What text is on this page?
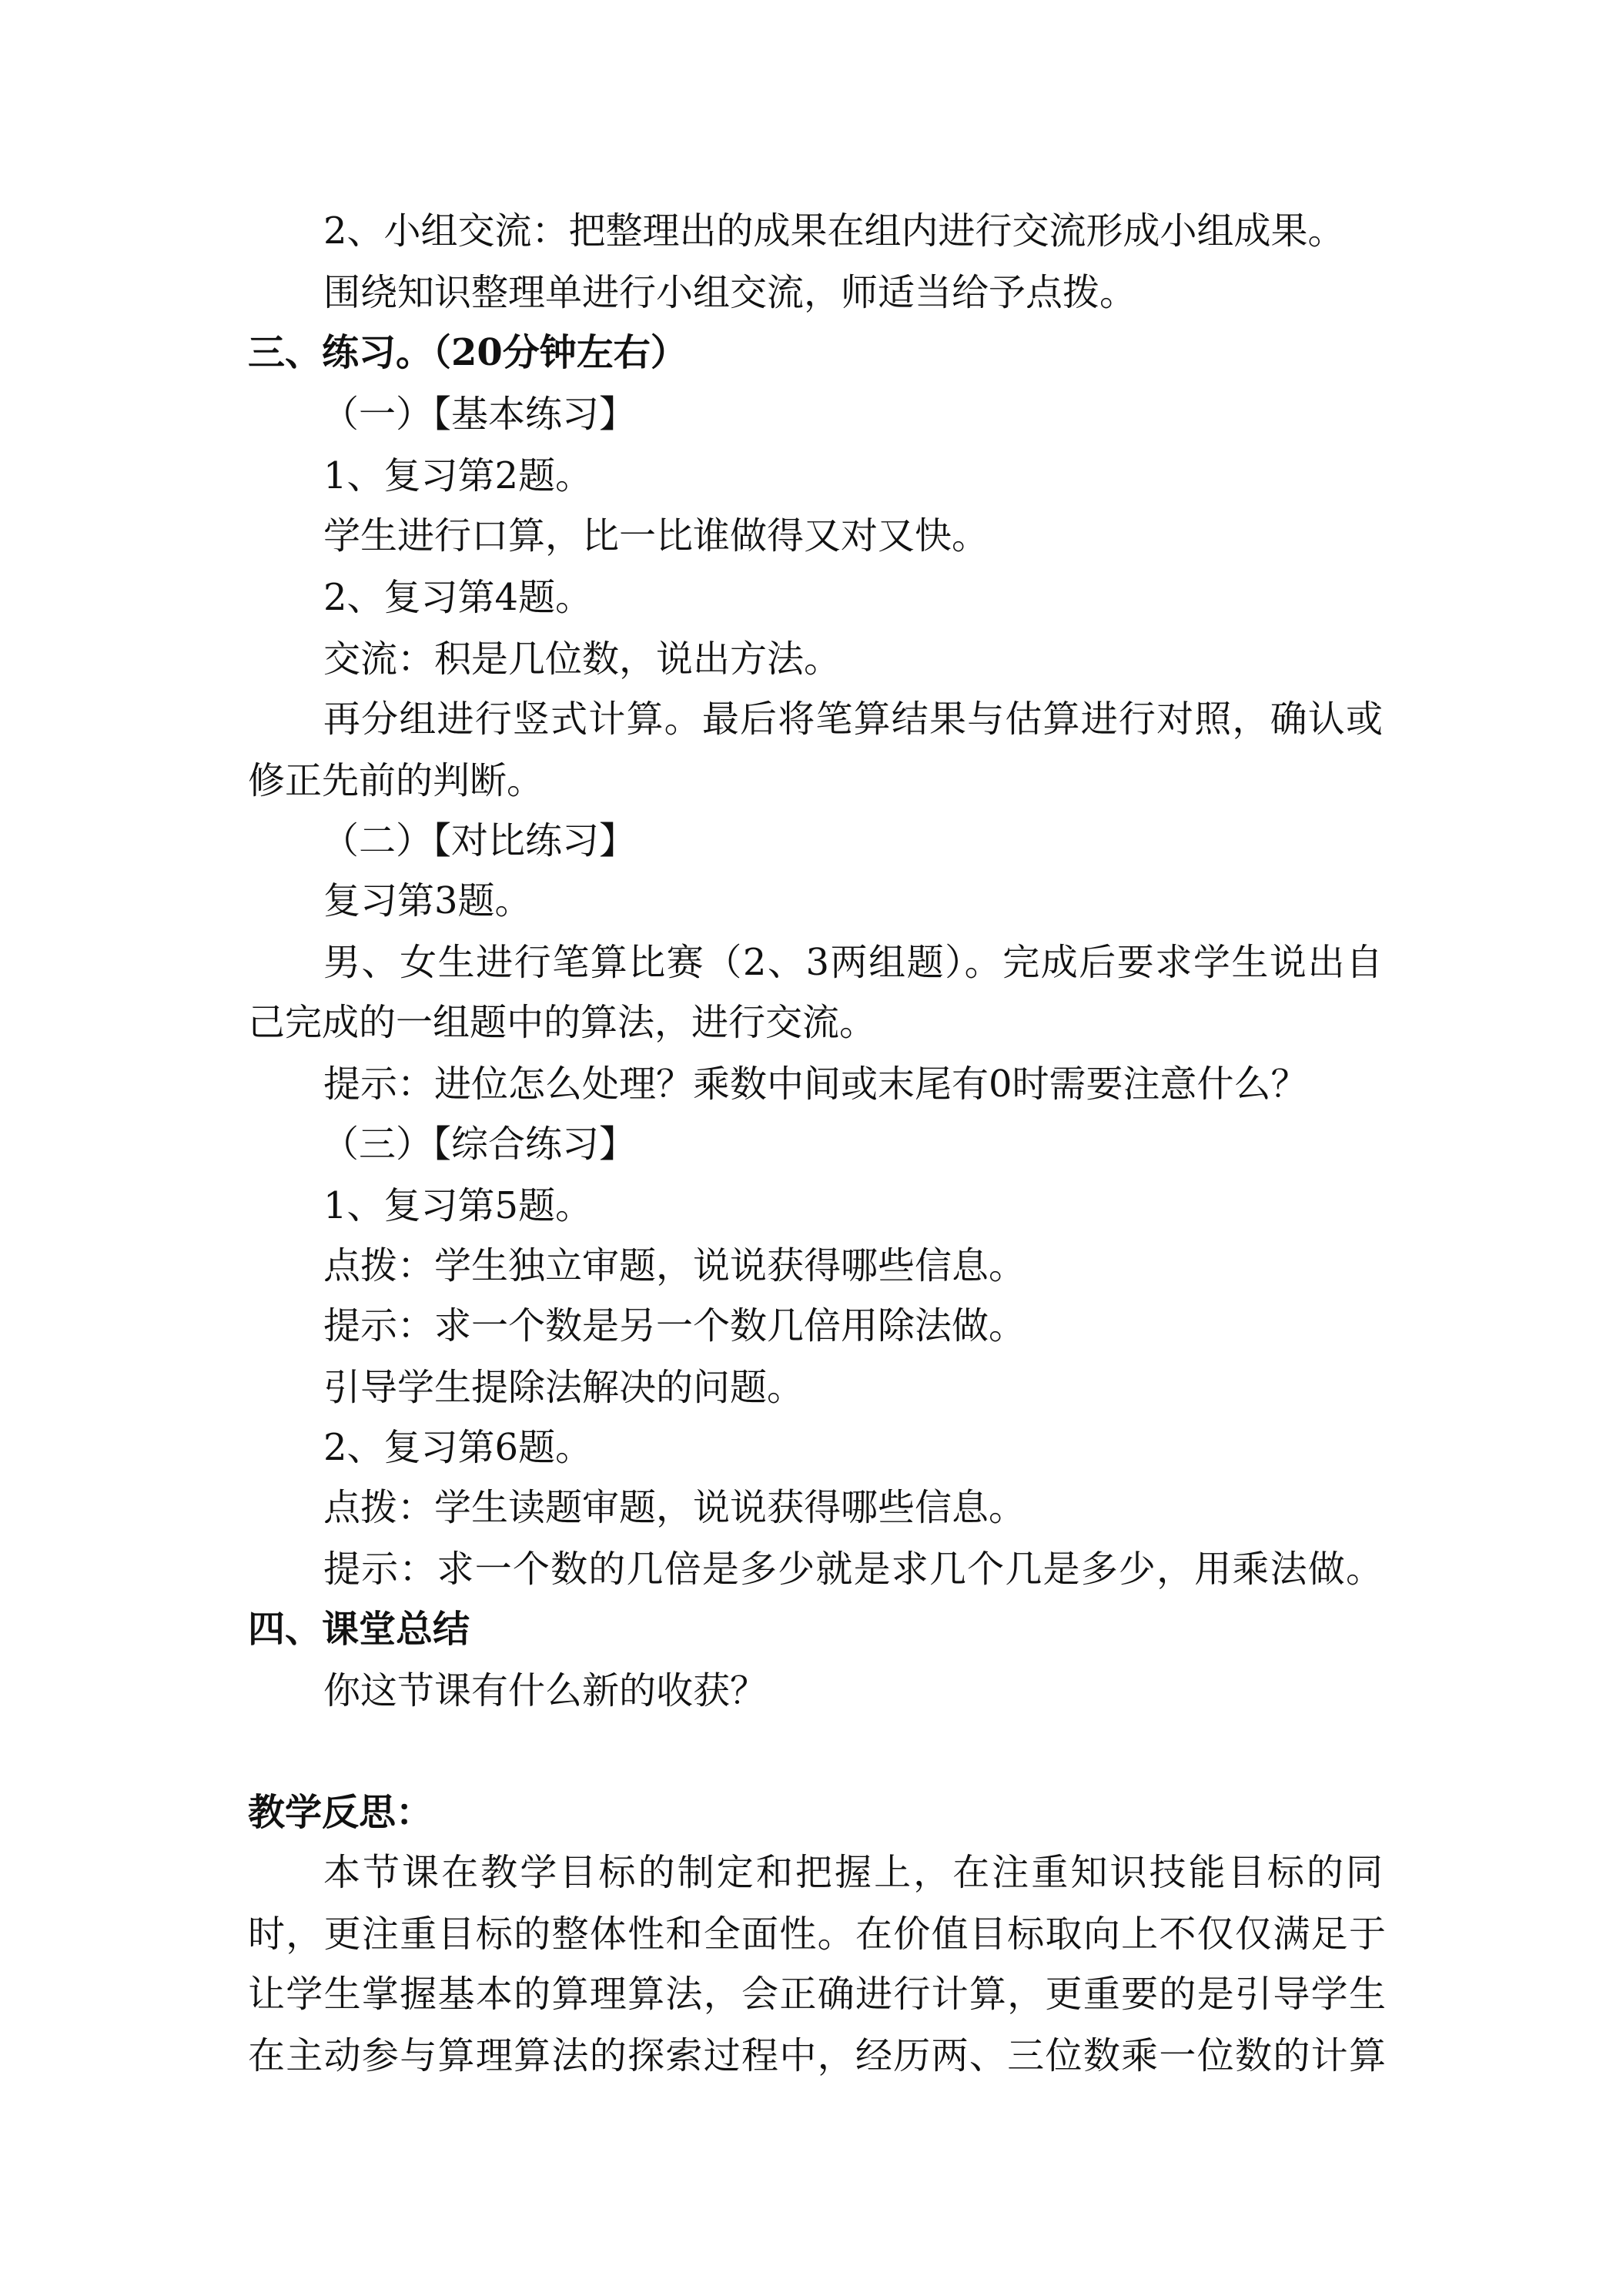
2、小组交流：把整理出的成果在组内进行交流形成小组成果。
围绕知识整理单进行小组交流，师适当给予点拨。
三、练习。（20分钟左右）
（一）【基本练习】
1、复习第2题。
学生进行口算，比一比谁做得又对又快。
2、复习第4题。
交流：积是几位数，说出方法。
再分组进行竖式计算。最后将笔算结果与估算进行对照，确认或
修正先前的判断。
（二）【对比练习】
复习第3题。
男、女生进行笔算比赛（2、3两组题）。完成后要求学生说出自
己完成的一组题中的算法，进行交流。
提示：进位怎么处理？乘数中间或末尾有0时需要注意什么？
（三）【综合练习】
1、复习第5题。
点拨：学生独立审题，说说获得哪些信息。
提示：求一个数是另一个数几倍用除法做。
引导学生提除法解决的问题。
2、复习第6题。
点拨：学生读题审题，说说获得哪些信息。
提示：求一个数的几倍是多少就是求几个几是多少，用乘法做。
四、课堂总结
你这节课有什么新的收获？
教学反思：
本节课在教学目标的制定和把握上，在注重知识技能目标的同
时，更注重目标的整体性和全面性。在价值目标取向上不仅仅满足于
让学生掌握基本的算理算法，会正确进行计算，更重要的是引导学生
在主动参与算理算法的探索过程中，经历两、三位数乘一位数的计算
